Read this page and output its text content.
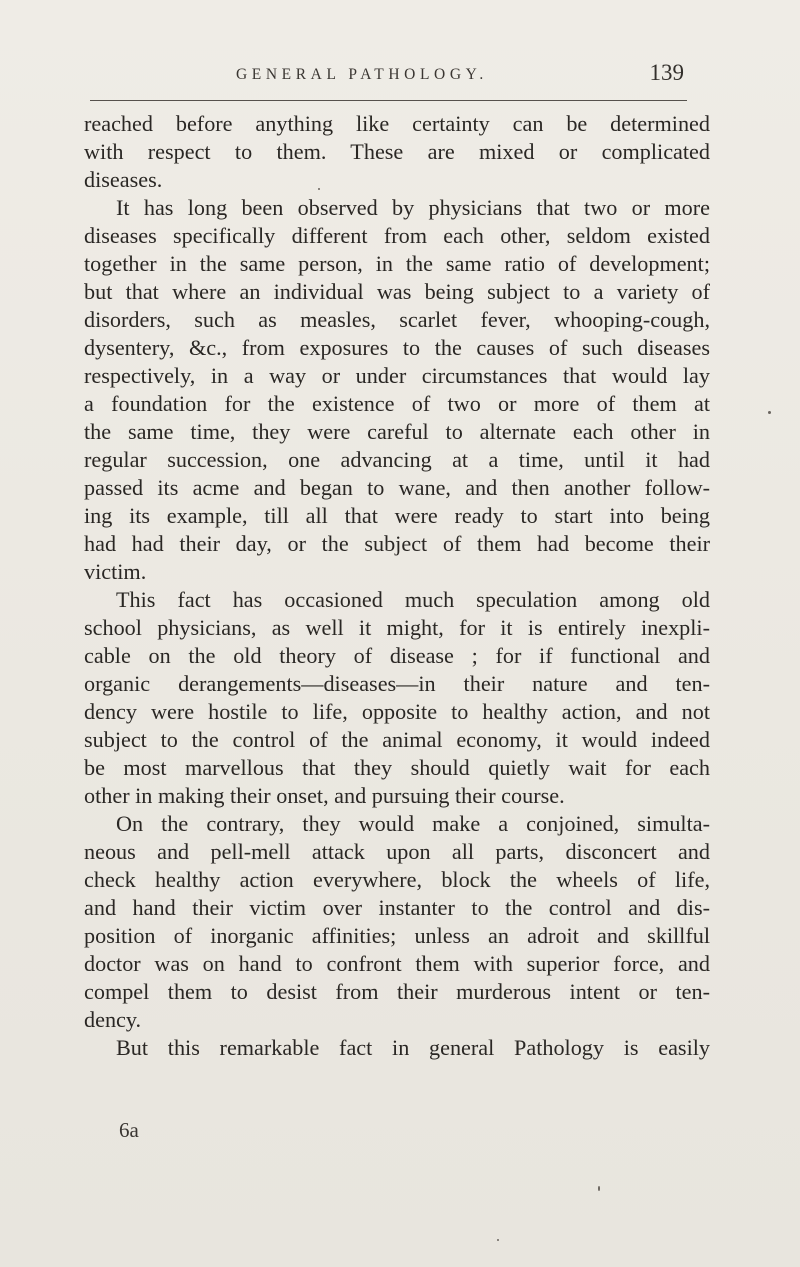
GENERAL PATHOLOGY.	139
reached before anything like certainty can be determined
with respect to them. These are mixed or complicated
diseases.
It has long been observed by physicians that two or more
diseases specifically different from each other, seldom existed
together in the same person, in the same ratio of development;
but that where an individual was being subject to a variety of
disorders, such as measles, scarlet fever, whooping-cough,
dysentery, &c., from exposures to the causes of such diseases
respectively, in a way or under circumstances that would lay
a foundation for the existence of two or more of them at
the same time, they were careful to alternate each other in
regular succession, one advancing at a time, until it had
passed its acme and began to wane, and then another follow-
ing its example, till all that were ready to start into being
had had their day, or the subject of them had become their
victim.
This fact has occasioned much speculation among old
school physicians, as well it might, for it is entirely inexpli-
cable on the old theory of disease ; for if functional and
organic derangements—diseases—in their nature and ten-
dency were hostile to life, opposite to healthy action, and not
subject to the control of the animal economy, it would indeed
be most marvellous that they should quietly wait for each
other in making their onset, and pursuing their course.
On the contrary, they would make a conjoined, simulta-
neous and pell-mell attack upon all parts, disconcert and
check healthy action everywhere, block the wheels of life,
and hand their victim over instanter to the control and dis-
position of inorganic affinities; unless an adroit and skillful
doctor was on hand to confront them with superior force, and
compel them to desist from their murderous intent or ten-
dency.
But this remarkable fact in general Pathology is easily
6a
